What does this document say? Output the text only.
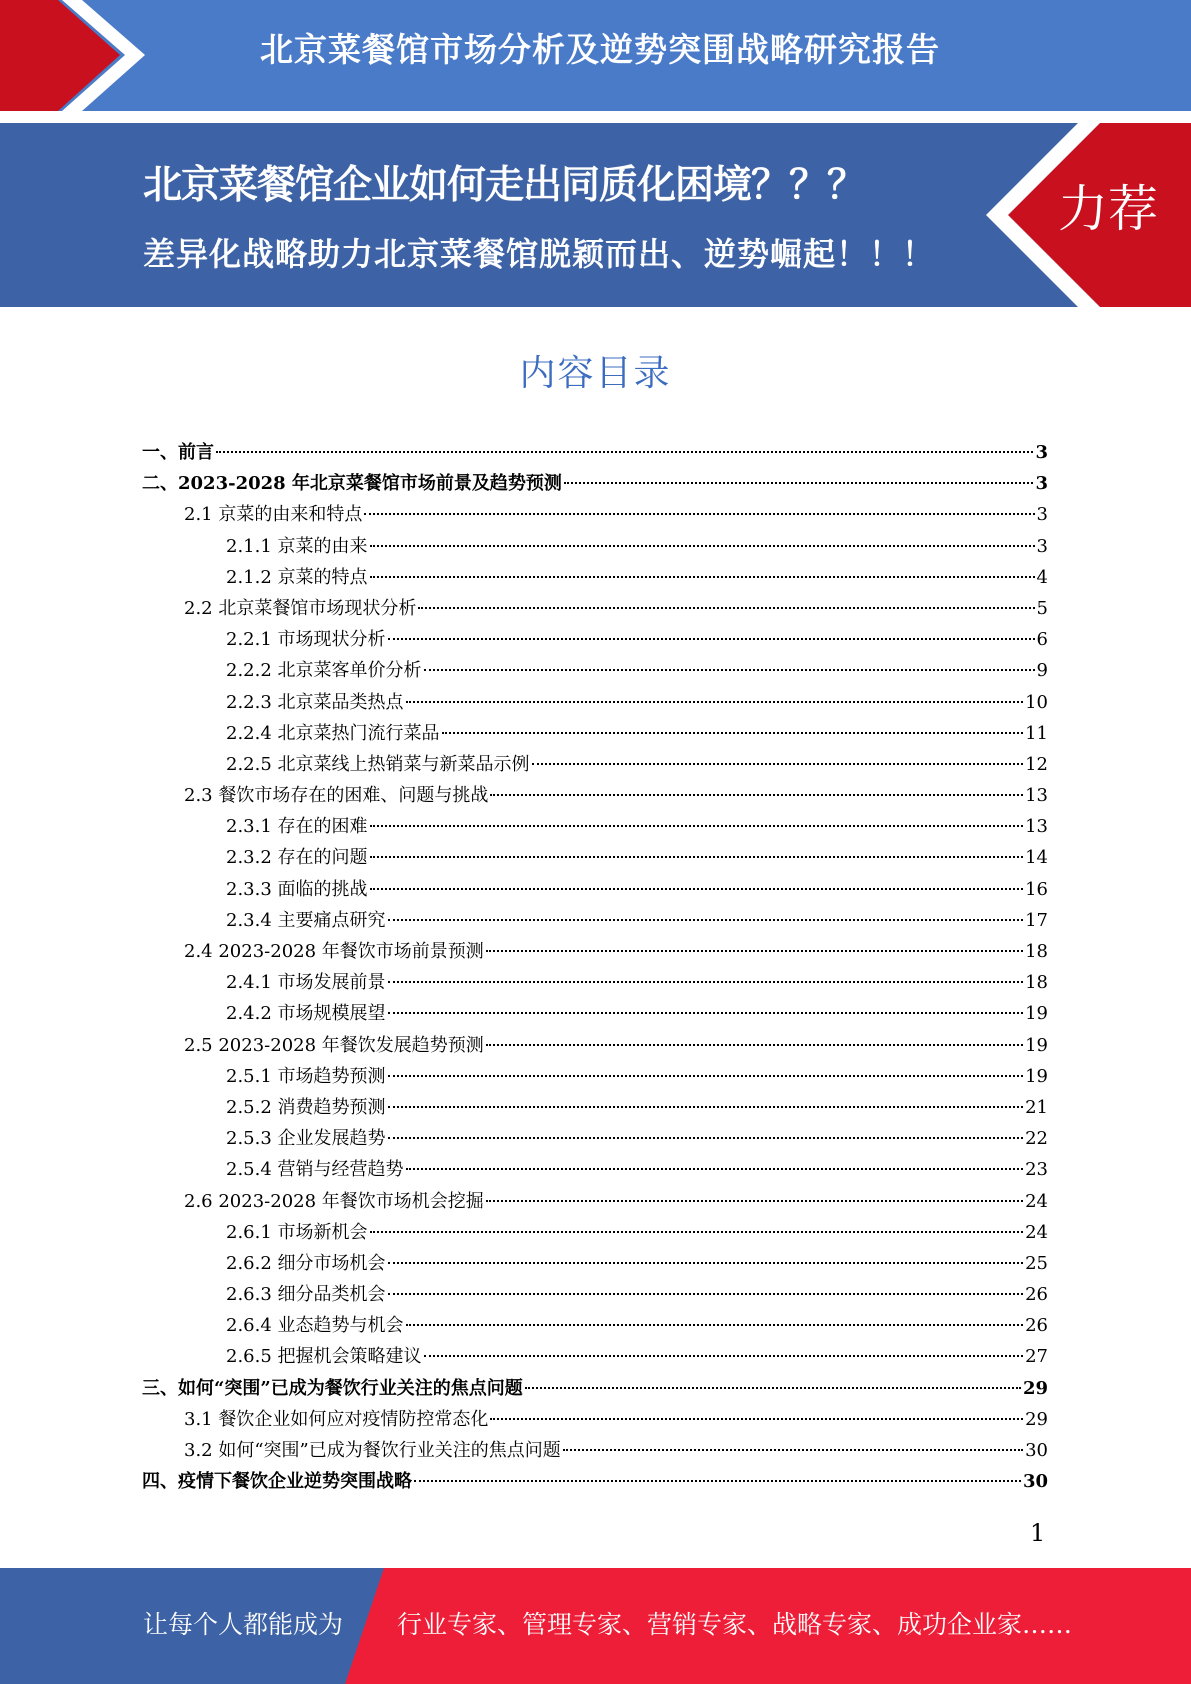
北京菜餐馆市场分析及逆势突围战略研究报告
北京菜餐馆企业如何走出同质化困境？？？
差异化战略助力北京菜餐馆脱颖而出、逆势崛起！！！
力荐
内容目录
一、前言	3
二、2023-2028 年北京菜餐馆市场前景及趋势预测	3
2.1 京菜的由来和特点	3
2.1.1 京菜的由来	3
2.1.2 京菜的特点	4
2.2 北京菜餐馆市场现状分析	5
2.2.1 市场现状分析	6
2.2.2 北京菜客单价分析	9
2.2.3 北京菜品类热点	10
2.2.4 北京菜热门流行菜品	11
2.2.5 北京菜线上热销菜与新菜品示例	12
2.3 餐饮市场存在的困难、问题与挑战	13
2.3.1 存在的困难	13
2.3.2 存在的问题	14
2.3.3 面临的挑战	16
2.3.4 主要痛点研究	17
2.4 2023-2028 年餐饮市场前景预测	18
2.4.1 市场发展前景	18
2.4.2 市场规模展望	19
2.5 2023-2028 年餐饮发展趋势预测	19
2.5.1 市场趋势预测	19
2.5.2 消费趋势预测	21
2.5.3 企业发展趋势	22
2.5.4 营销与经营趋势	23
2.6 2023-2028 年餐饮市场机会挖掘	24
2.6.1 市场新机会	24
2.6.2 细分市场机会	25
2.6.3 细分品类机会	26
2.6.4 业态趋势与机会	26
2.6.5 把握机会策略建议	27
三、如何“突围”已成为餐饮行业关注的焦点问题	29
3.1 餐饮企业如何应对疫情防控常态化	29
3.2 如何“突围”已成为餐饮行业关注的焦点问题	30
四、疫情下餐饮企业逆势突围战略	30
1
让每个人都能成为 行业专家、管理专家、营销专家、战略专家、成功企业家……
